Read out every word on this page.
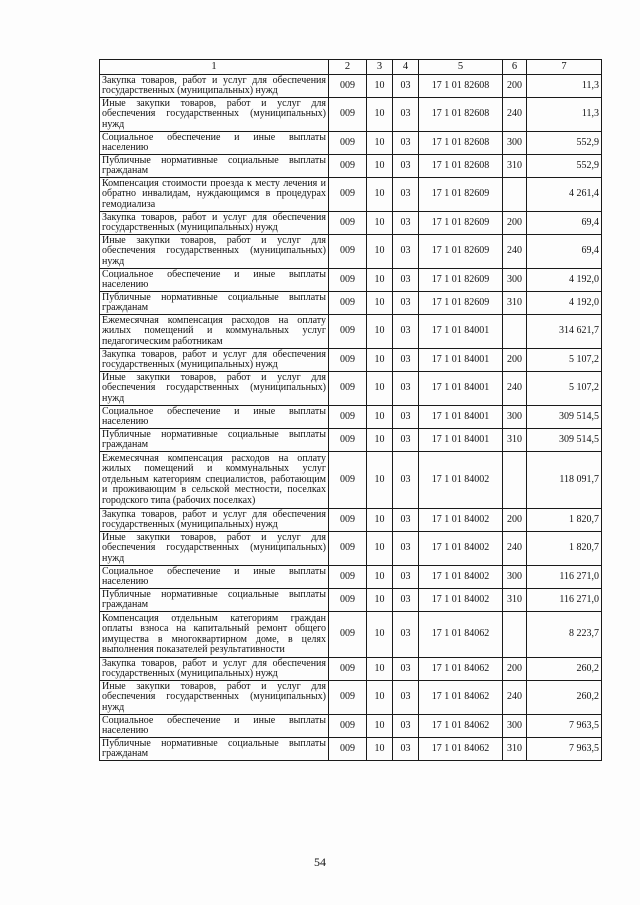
1	2	3	4	5	6	7
Закупка товаров, работ и услуг для обеспечения государственных (муниципальных) нужд	009	10	03	17 1 01 82608	200	11,3
Иные закупки товаров, работ и услуг для обеспечения государственных (муниципальных) нужд	009	10	03	17 1 01 82608	240	11,3
Социальное обеспечение и иные выплаты населению	009	10	03	17 1 01 82608	300	552,9
Публичные нормативные социальные выплаты гражданам	009	10	03	17 1 01 82608	310	552,9
Компенсация стоимости проезда к месту лечения и обратно инвалидам, нуждающимся в процедурах гемодиализа	009	10	03	17 1 01 82609		4 261,4
Закупка товаров, работ и услуг для обеспечения государственных (муниципальных) нужд	009	10	03	17 1 01 82609	200	69,4
Иные закупки товаров, работ и услуг для обеспечения государственных (муниципальных) нужд	009	10	03	17 1 01 82609	240	69,4
Социальное обеспечение и иные выплаты населению	009	10	03	17 1 01 82609	300	4 192,0
Публичные нормативные социальные выплаты гражданам	009	10	03	17 1 01 82609	310	4 192,0
Ежемесячная компенсация расходов на оплату жилых помещений и коммунальных услуг педагогическим работникам	009	10	03	17 1 01 84001		314 621,7
Закупка товаров, работ и услуг для обеспечения государственных (муниципальных) нужд	009	10	03	17 1 01 84001	200	5 107,2
Иные закупки товаров, работ и услуг для обеспечения государственных (муниципальных) нужд	009	10	03	17 1 01 84001	240	5 107,2
Социальное обеспечение и иные выплаты населению	009	10	03	17 1 01 84001	300	309 514,5
Публичные нормативные социальные выплаты гражданам	009	10	03	17 1 01 84001	310	309 514,5
Ежемесячная компенсация расходов на оплату жилых помещений и коммунальных услуг отдельным категориям специалистов, работающим и проживающим в сельской местности, поселках городского типа (рабочих поселках)	009	10	03	17 1 01 84002		118 091,7
Закупка товаров, работ и услуг для обеспечения государственных (муниципальных) нужд	009	10	03	17 1 01 84002	200	1 820,7
Иные закупки товаров, работ и услуг для обеспечения государственных (муниципальных) нужд	009	10	03	17 1 01 84002	240	1 820,7
Социальное обеспечение и иные выплаты населению	009	10	03	17 1 01 84002	300	116 271,0
Публичные нормативные социальные выплаты гражданам	009	10	03	17 1 01 84002	310	116 271,0
Компенсация отдельным категориям граждан оплаты взноса на капитальный ремонт общего имущества в многоквартирном доме, в целях выполнения показателей результативности	009	10	03	17 1 01 84062		8 223,7
Закупка товаров, работ и услуг для обеспечения государственных (муниципальных) нужд	009	10	03	17 1 01 84062	200	260,2
Иные закупки товаров, работ и услуг для обеспечения государственных (муниципальных) нужд	009	10	03	17 1 01 84062	240	260,2
Социальное обеспечение и иные выплаты населению	009	10	03	17 1 01 84062	300	7 963,5
Публичные нормативные социальные выплаты гражданам	009	10	03	17 1 01 84062	310	7 963,5
54
